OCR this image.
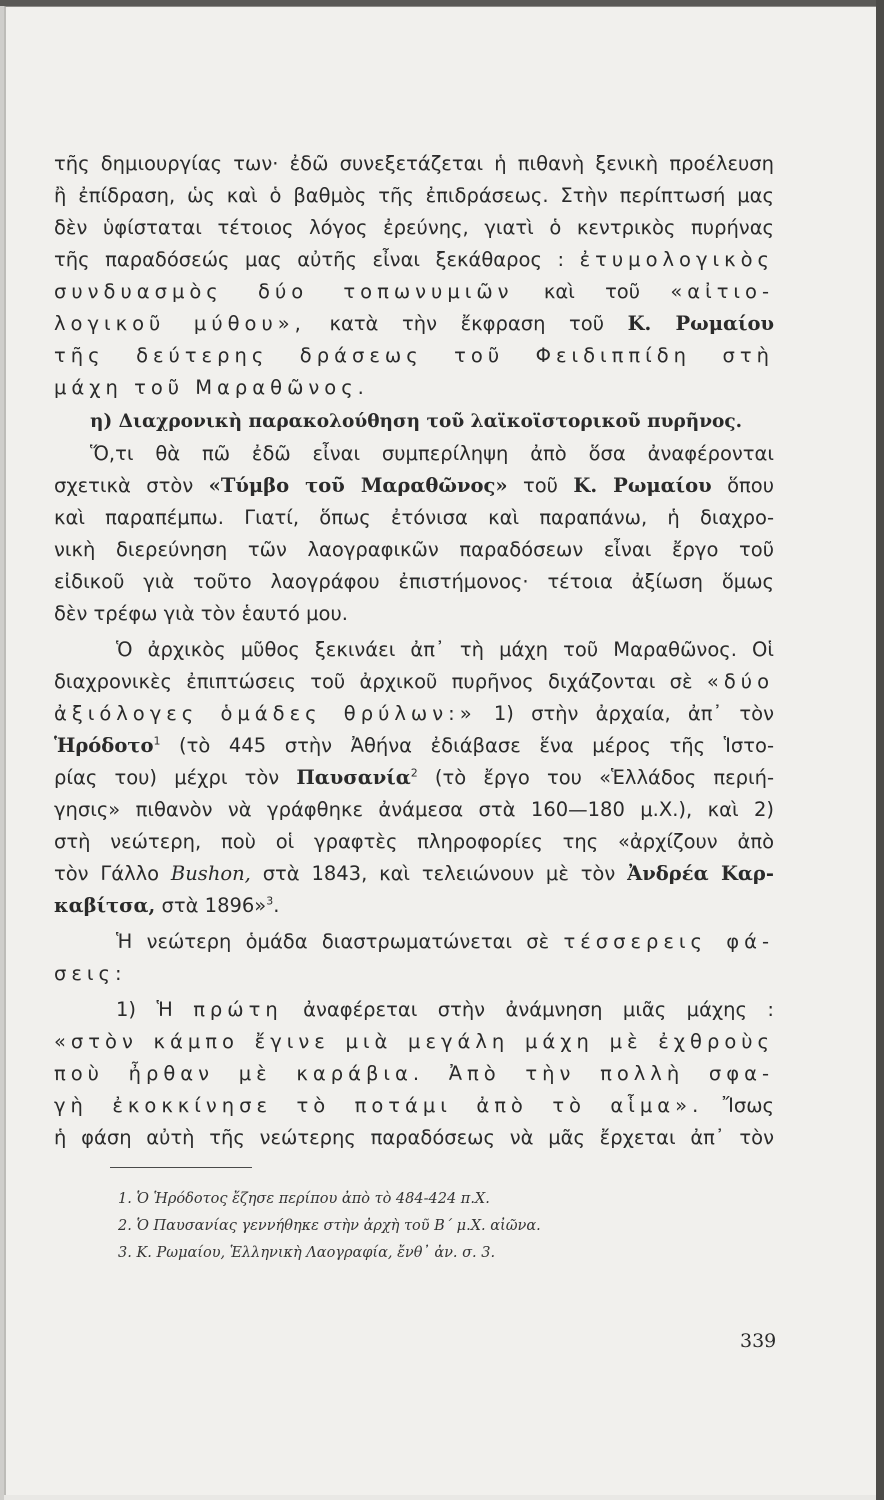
τῆς δημιουργίας των· ἐδῶ συνεξετάζεται ἡ πιθανὴ ξενικὴ προέλευση
ἢ ἐπίδραση, ὡς καὶ ὁ βαθμὸς τῆς ἐπιδράσεως. Στὴν περίπτωσή μας
δὲν ὑφίσταται τέτοιος λόγος ἐρεύνης, γιατὶ ὁ κεντρικὸς πυρήνας
τῆς παραδόσεώς μας αὐτῆς εἶναι ξεκάθαρος : ἐτυμολογικὸς
συνδυασμὸς δύο τοπωνυμιῶν καὶ τοῦ «αἰτιο-
λογικοῦ μύθου», κατὰ τὴν ἔκφραση τοῦ Κ. Ρωμαίου
τῆς δεύτερης δράσεως τοῦ Φειδιππίδη στὴ
μάχη τοῦ Μαραθῶνος.
η) Διαχρονικὴ παρακολούθηση τοῦ λαϊκοϊστορικοῦ πυρῆνος.
Ὅ,τι θὰ πῶ ἐδῶ εἶναι συμπερίληψη ἀπὸ ὅσα ἀναφέρονται
σχετικὰ στὸν «Τύμβο τοῦ Μαραθῶνος» τοῦ Κ. Ρωμαίου ὅπου
καὶ παραπέμπω. Γιατί, ὅπως ἐτόνισα καὶ παραπάνω, ἡ διαχρο-
νικὴ διερεύνηση τῶν λαογραφικῶν παραδόσεων εἶναι ἔργο τοῦ
εἰδικοῦ γιὰ τοῦτο λαογράφου ἐπιστήμονος· τέτοια ἀξίωση ὅμως
δὲν τρέφω γιὰ τὸν ἑαυτό μου.
Ὁ ἀρχικὸς μῦθος ξεκινάει ἀπ᾿ τὴ μάχη τοῦ Μαραθῶνος. Οἱ
διαχρονικὲς ἐπιπτώσεις τοῦ ἀρχικοῦ πυρῆνος διχάζονται σὲ «δύο
ἀξιόλογες ὁμάδες θρύλων:» 1) στὴν ἀρχαία, ἀπ᾿ τὸν
Ἡρόδοτο$^1$ (τὸ 445 στὴν Ἀθήνα ἐδιάβασε ἕνα μέρος τῆς Ἱστο-
ρίας του) μέχρι τὸν Παυσανία$^2$ (τὸ ἔργο του «Ἑλλάδος περιή-
γησις» πιθανὸν νὰ γράφθηκε ἀνάμεσα στὰ 160—180 μ.Χ.), καὶ 2)
στὴ νεώτερη, ποὺ οἱ γραφτὲς πληροφορίες της «ἀρχίζουν ἀπὸ
τὸν Γάλλο Bushon, στὰ 1843, καὶ τελειώνουν μὲ τὸν Ἀνδρέα Καρ-
καβίτσα, στὰ 1896»$^3$.
Ἡ νεώτερη ὁμάδα διαστρωματώνεται σὲ τέσσερεις φά-
σεις:
1) Ἡ πρώτη ἀναφέρεται στὴν ἀνάμνηση μιᾶς μάχης :
«στὸν κάμπο ἔγινε μιὰ μεγάλη μάχη μὲ ἐχθροὺς
ποὺ ἦρθαν μὲ καράβια. Ἀπὸ τὴν πολλὴ σφα-
γὴ ἐκοκκίνησε τὸ ποτάμι ἀπὸ τὸ αἷμα». Ἴσως
ἡ φάση αὐτὴ τῆς νεώτερης παραδόσεως νὰ μᾶς ἔρχεται ἀπ᾿ τὸν
1. Ὁ Ἡρόδοτος ἔζησε περίπου ἀπὸ τὸ 484-424 π.Χ.
2. Ὁ Παυσανίας γεννήθηκε στὴν ἀρχὴ τοῦ Β´ μ.Χ. αἰῶνα.
3. Κ. Ρωμαίου, Ἑλληνικὴ Λαογραφία, ἔνθ᾿ ἀν. σ. 3.
339
